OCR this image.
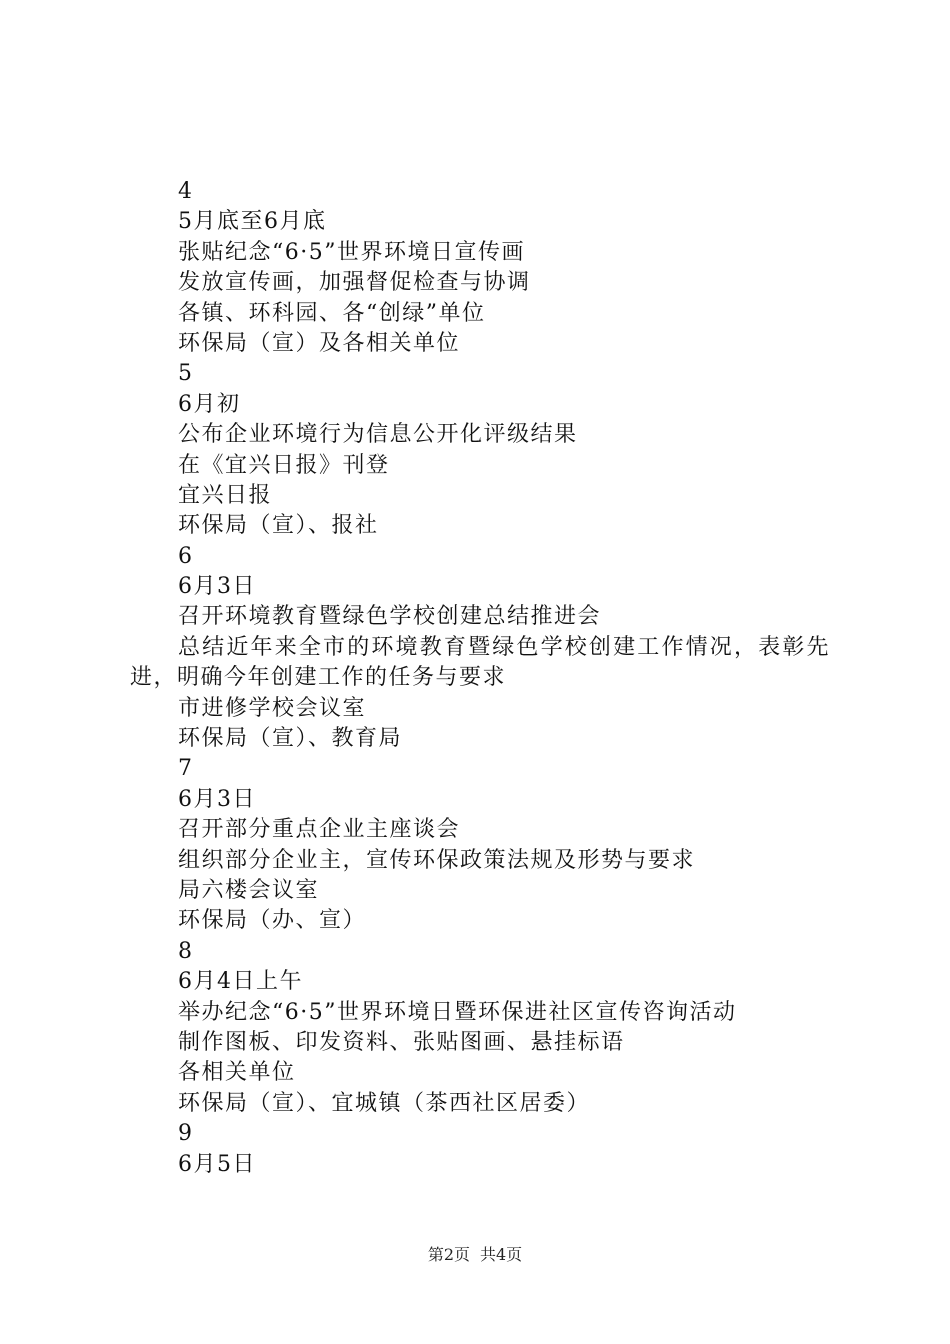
4
5月底至6月底
张贴纪念“6·5”世界环境日宣传画
发放宣传画，加强督促检查与协调
各镇、环科园、各“创绿”单位
环保局（宣）及各相关单位
5
6月初
公布企业环境行为信息公开化评级结果
在《宜兴日报》刊登
宜兴日报
环保局（宣）、报社
6
6月3日
召开环境教育暨绿色学校创建总结推进会
总结近年来全市的环境教育暨绿色学校创建工作情况，表彰先进，明确今年创建工作的任务与要求
市进修学校会议室
环保局（宣）、教育局
7
6月3日
召开部分重点企业主座谈会
组织部分企业主，宣传环保政策法规及形势与要求
局六楼会议室
环保局（办、宣）
8
6月4日上午
举办纪念“6·5”世界环境日暨环保进社区宣传咨询活动
制作图板、印发资料、张贴图画、悬挂标语
各相关单位
环保局（宣）、宜城镇（茶西社区居委）
9
6月5日
第2页 共4页
